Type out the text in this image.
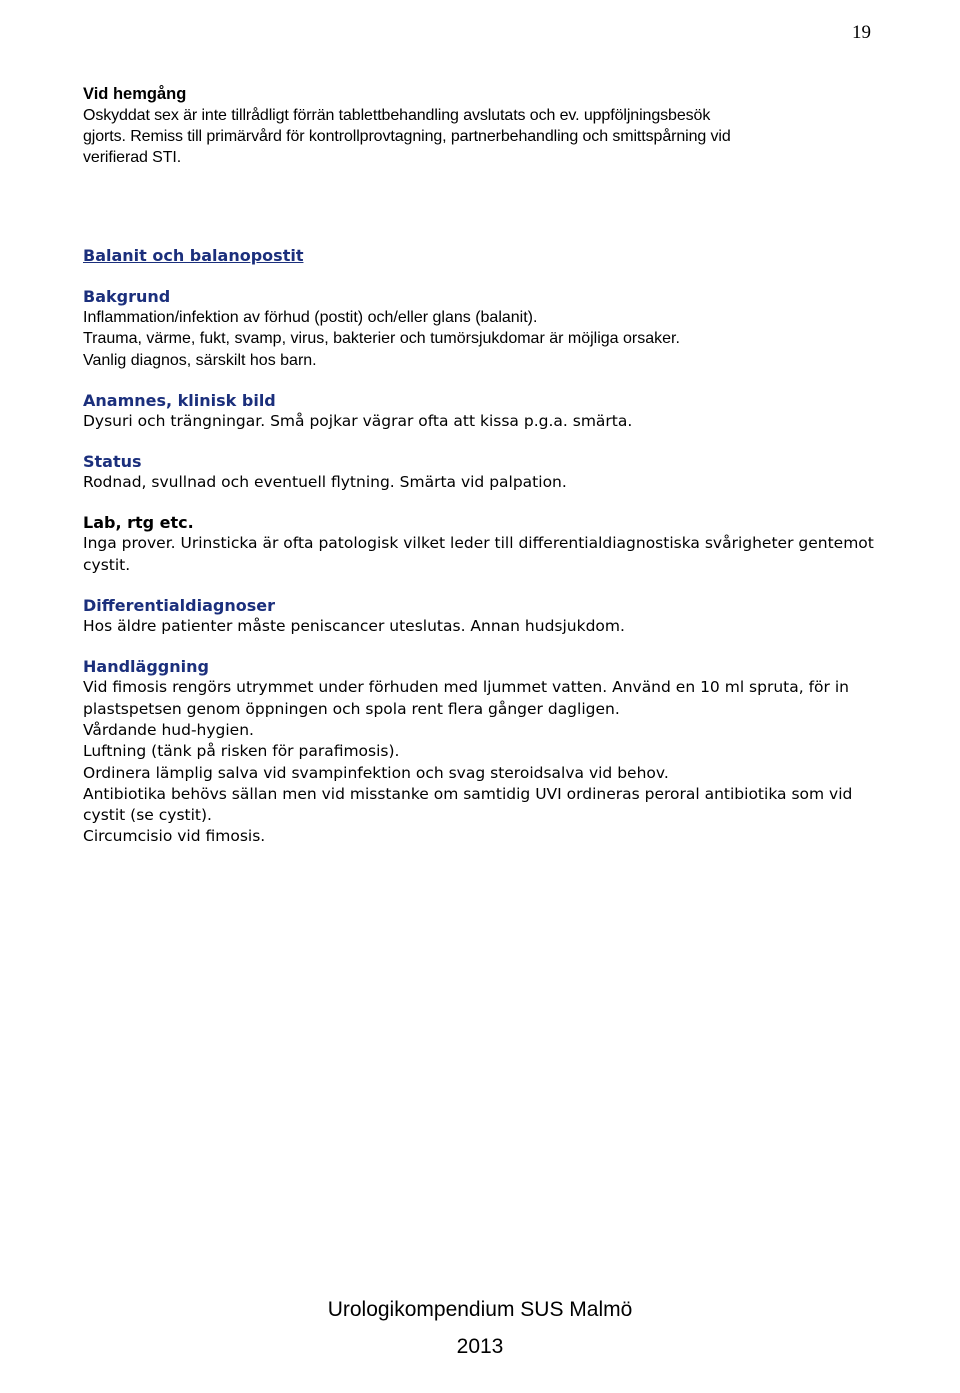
19
Vid hemgång

Oskyddat sex är inte tillrådligt förrän tablettbehandling avslutats och ev. uppföljningsbesök

gjorts. Remiss till primärvård för kontrollprovtagning, partnerbehandling och smittspårning vid

verifierad STI.

Balanit och balanopostit
Bakgrund

Inflammation/infektion av förhud (postit) och/eller glans (balanit).

Trauma, värme, fukt, svamp, virus, bakterier och tumörsjukdomar är möjliga orsaker.

Vanlig diagnos, särskilt hos barn.

Anamnes, klinisk bild

Dysuri och trängningar. Små pojkar vägrar ofta att kissa p.g.a. smärta.

Status

Rodnad, svullnad och eventuell flytning. Smärta vid palpation.

Lab, rtg etc.

Inga prover. Urinsticka är ofta patologisk vilket leder till differentialdiagnostiska svårigheter gentemot

cystit.

Differentialdiagnoser

Hos äldre patienter måste peniscancer uteslutas. Annan hudsjukdom.

Handläggning

Vid fimosis rengörs utrymmet under förhuden med ljummet vatten. Använd en 10 ml spruta, för in

plastspetsen genom öppningen och spola rent flera gånger dagligen.

Vårdande hud-hygien.

Luftning (tänk på risken för parafimosis).

Ordinera lämplig salva vid svampinfektion och svag steroidsalva vid behov.

Antibiotika behövs sällan men vid misstanke om samtidig UVI ordineras peroral antibiotika som vid

cystit (se cystit).

Circumcisio vid fimosis.

Urologikompendium SUS Malmö
2013
